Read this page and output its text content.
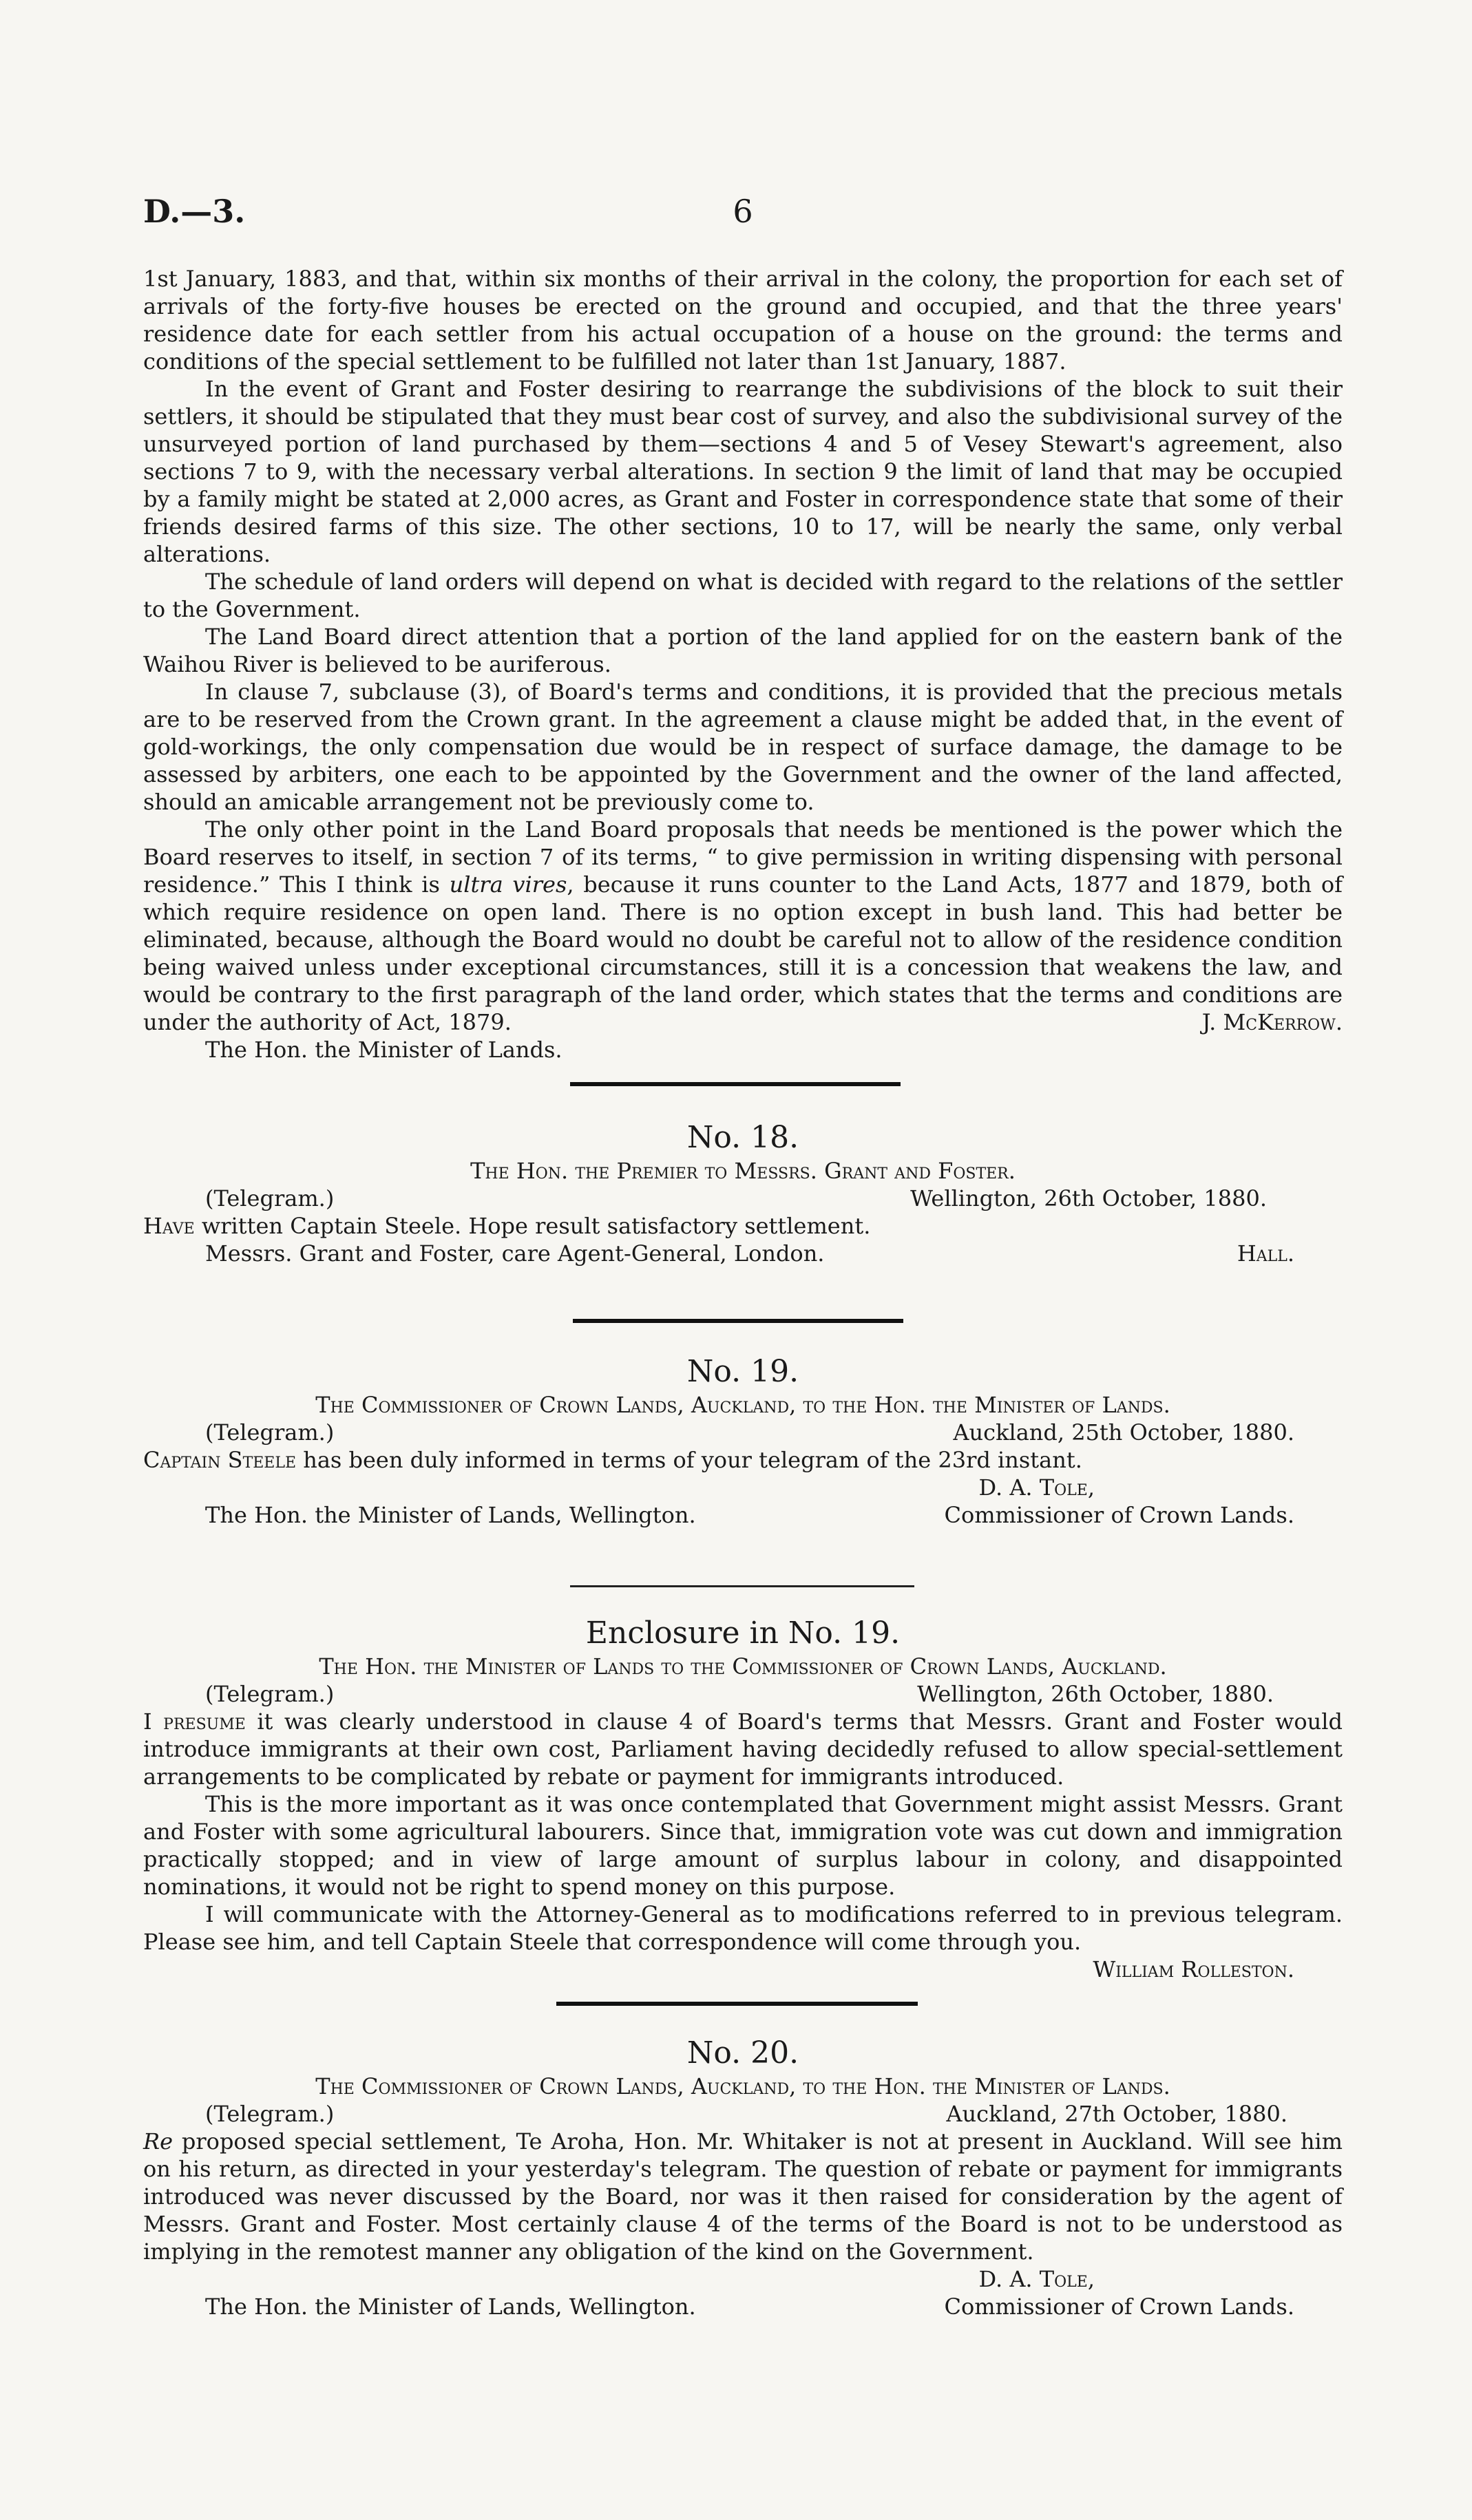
D.—3.	6

1st January, 1883, and that, within six months of their arrival in the colony, the proportion for each set of arrivals of the forty-five houses be erected on the ground and occupied, and that the three years' residence date for each settler from his actual occupation of a house on the ground: the terms and conditions of the special settlement to be fulfilled not later than 1st January, 1887.

In the event of Grant and Foster desiring to rearrange the subdivisions of the block to suit their settlers, it should be stipulated that they must bear cost of survey, and also the subdivisional survey of the unsurveyed portion of land purchased by them—sections 4 and 5 of Vesey Stewart's agreement, also sections 7 to 9, with the necessary verbal alterations. In section 9 the limit of land that may be occupied by a family might be stated at 2,000 acres, as Grant and Foster in correspondence state that some of their friends desired farms of this size. The other sections, 10 to 17, will be nearly the same, only verbal alterations.

The schedule of land orders will depend on what is decided with regard to the relations of the settler to the Government.

The Land Board direct attention that a portion of the land applied for on the eastern bank of the Waihou River is believed to be auriferous.

In clause 7, subclause (3), of Board's terms and conditions, it is provided that the precious metals are to be reserved from the Crown grant. In the agreement a clause might be added that, in the event of gold-workings, the only compensation due would be in respect of surface damage, the damage to be assessed by arbiters, one each to be appointed by the Government and the owner of the land affected, should an amicable arrangement not be previously come to.

The only other point in the Land Board proposals that needs be mentioned is the power which the Board reserves to itself, in section 7 of its terms, “ to give permission in writing dispensing with personal residence.” This I think is ultra vires, because it runs counter to the Land Acts, 1877 and 1879, both of which require residence on open land. There is no option except in bush land. This had better be eliminated, because, although the Board would no doubt be careful not to allow of the residence condition being waived unless under exceptional circumstances, still it is a concession that weakens the law, and would be contrary to the first paragraph of the land order, which states that the terms and conditions are under the authority of Act, 1879.	J. McKerrow.

The Hon. the Minister of Lands.

No. 18.

The Hon. the Premier to Messrs. Grant and Foster.

(Telegram.)	Wellington, 26th October, 1880.

Have written Captain Steele. Hope result satisfactory settlement.

Messrs. Grant and Foster, care Agent-General, London.	Hall.

No. 19.

The Commissioner of Crown Lands, Auckland, to the Hon. the Minister of Lands.

(Telegram.)	Auckland, 25th October, 1880.

Captain Steele has been duly informed in terms of your telegram of the 23rd instant.

D. A. Tole,
The Hon. the Minister of Lands, Wellington.	Commissioner of Crown Lands.

Enclosure in No. 19.

The Hon. the Minister of Lands to the Commissioner of Crown Lands, Auckland.

(Telegram.)	Wellington, 26th October, 1880.

I presume it was clearly understood in clause 4 of Board's terms that Messrs. Grant and Foster would introduce immigrants at their own cost, Parliament having decidedly refused to allow special-settlement arrangements to be complicated by rebate or payment for immigrants introduced.

This is the more important as it was once contemplated that Government might assist Messrs. Grant and Foster with some agricultural labourers. Since that, immigration vote was cut down and immigration practically stopped; and in view of large amount of surplus labour in colony, and disappointed nominations, it would not be right to spend money on this purpose.

I will communicate with the Attorney-General as to modifications referred to in previous telegram. Please see him, and tell Captain Steele that correspondence will come through you.

William Rolleston.

No. 20.

The Commissioner of Crown Lands, Auckland, to the Hon. the Minister of Lands.

(Telegram.)	Auckland, 27th October, 1880.

Re proposed special settlement, Te Aroha, Hon. Mr. Whitaker is not at present in Auckland. Will see him on his return, as directed in your yesterday's telegram. The question of rebate or payment for immigrants introduced was never discussed by the Board, nor was it then raised for consideration by the agent of Messrs. Grant and Foster. Most certainly clause 4 of the terms of the Board is not to be understood as implying in the remotest manner any obligation of the kind on the Government.

D. A. Tole,
The Hon. the Minister of Lands, Wellington.	Commissioner of Crown Lands.
